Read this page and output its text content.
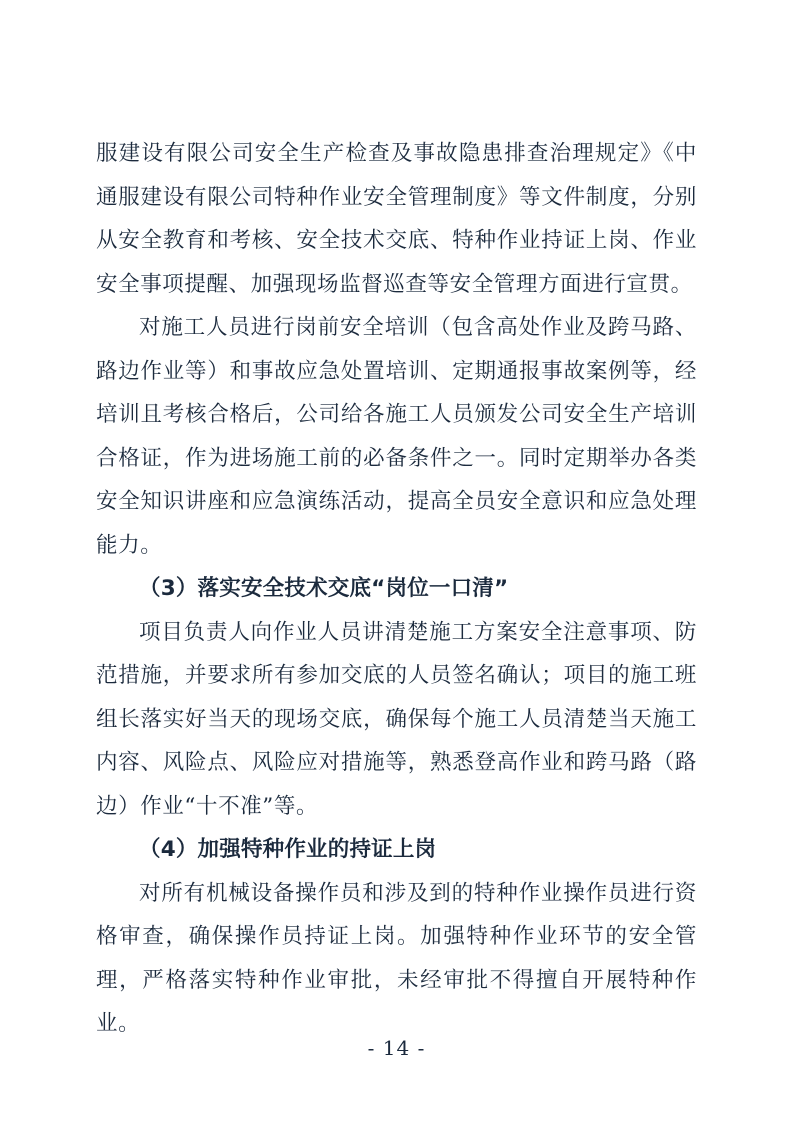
服建设有限公司安全生产检查及事故隐患排查治理规定》《中通服建设有限公司特种作业安全管理制度》等文件制度，分别从安全教育和考核、安全技术交底、特种作业持证上岗、作业安全事项提醒、加强现场监督巡查等安全管理方面进行宣贯。

对施工人员进行岗前安全培训（包含高处作业及跨马路、路边作业等）和事故应急处置培训、定期通报事故案例等，经培训且考核合格后，公司给各施工人员颁发公司安全生产培训合格证，作为进场施工前的必备条件之一。同时定期举办各类安全知识讲座和应急演练活动，提高全员安全意识和应急处理能力。

（3）落实安全技术交底“岗位一口清”

项目负责人向作业人员讲清楚施工方案安全注意事项、防范措施，并要求所有参加交底的人员签名确认；项目的施工班组长落实好当天的现场交底，确保每个施工人员清楚当天施工内容、风险点、风险应对措施等，熟悉登高作业和跨马路（路边）作业“十不准”等。

（4）加强特种作业的持证上岗

对所有机械设备操作员和涉及到的特种作业操作员进行资格审查，确保操作员持证上岗。加强特种作业环节的安全管理，严格落实特种作业审批，未经审批不得擅自开展特种作业。

- 14 -
